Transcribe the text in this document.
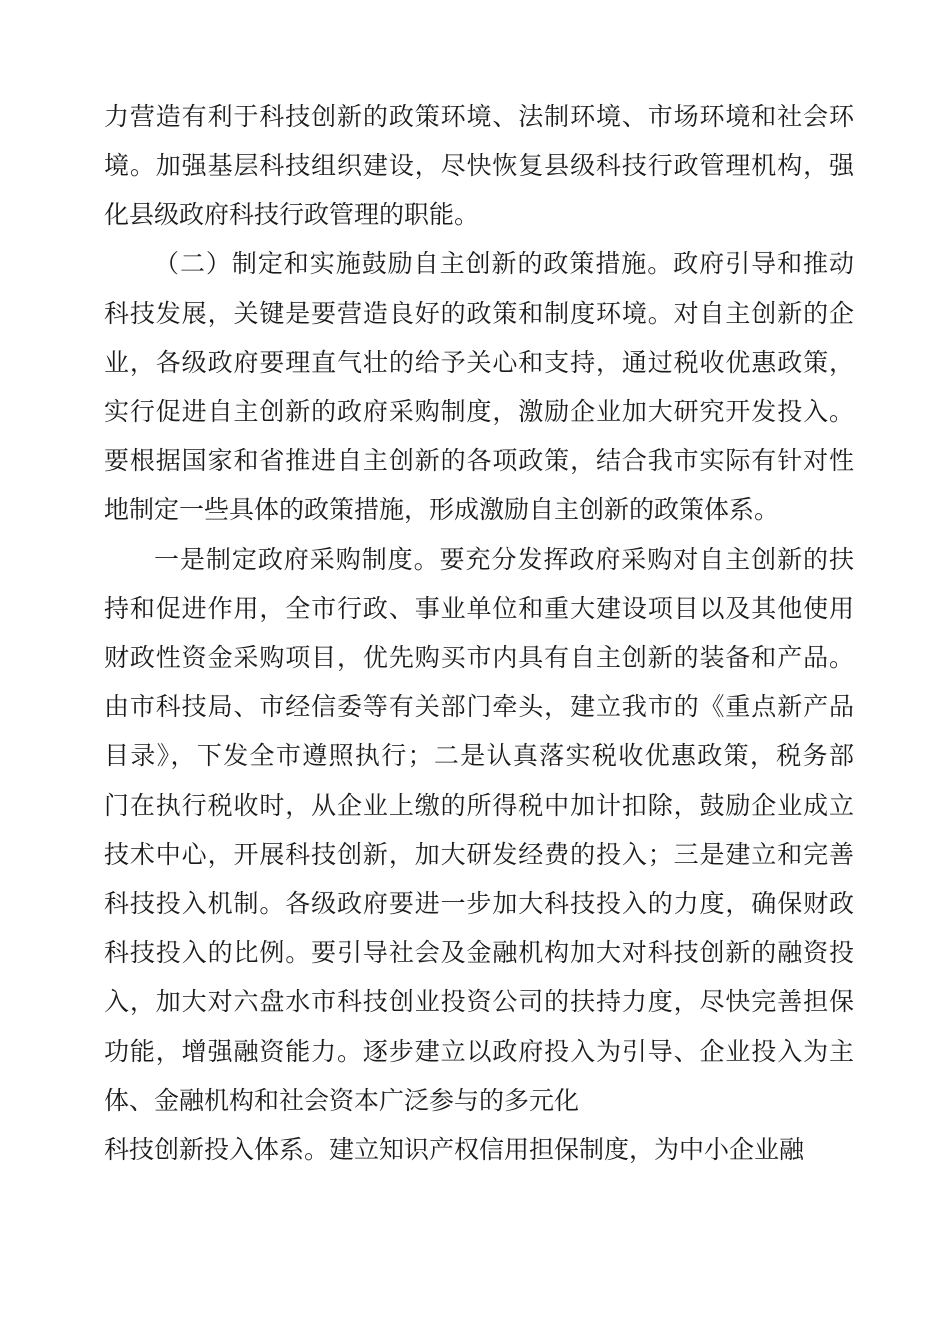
力营造有利于科技创新的政策环境、法制环境、市场环境和社会环
境。加强基层科技组织建设，尽快恢复县级科技行政管理机构，强
化县级政府科技行政管理的职能。
（二）制定和实施鼓励自主创新的政策措施。政府引导和推动
科技发展，关键是要营造良好的政策和制度环境。对自主创新的企
业，各级政府要理直气壮的给予关心和支持，通过税收优惠政策，
实行促进自主创新的政府采购制度，激励企业加大研究开发投入。
要根据国家和省推进自主创新的各项政策，结合我市实际有针对性
地制定一些具体的政策措施，形成激励自主创新的政策体系。
一是制定政府采购制度。要充分发挥政府采购对自主创新的扶
持和促进作用，全市行政、事业单位和重大建设项目以及其他使用
财政性资金采购项目，优先购买市内具有自主创新的装备和产品。
由市科技局、市经信委等有关部门牵头，建立我市的《重点新产品
目录》，下发全市遵照执行；二是认真落实税收优惠政策，税务部
门在执行税收时，从企业上缴的所得税中加计扣除，鼓励企业成立
技术中心，开展科技创新，加大研发经费的投入；三是建立和完善
科技投入机制。各级政府要进一步加大科技投入的力度，确保财政
科技投入的比例。要引导社会及金融机构加大对科技创新的融资投
入，加大对六盘水市科技创业投资公司的扶持力度，尽快完善担保
功能，增强融资能力。逐步建立以政府投入为引导、企业投入为主
体、金融机构和社会资本广泛参与的多元化
科技创新投入体系。建立知识产权信用担保制度，为中小企业融
